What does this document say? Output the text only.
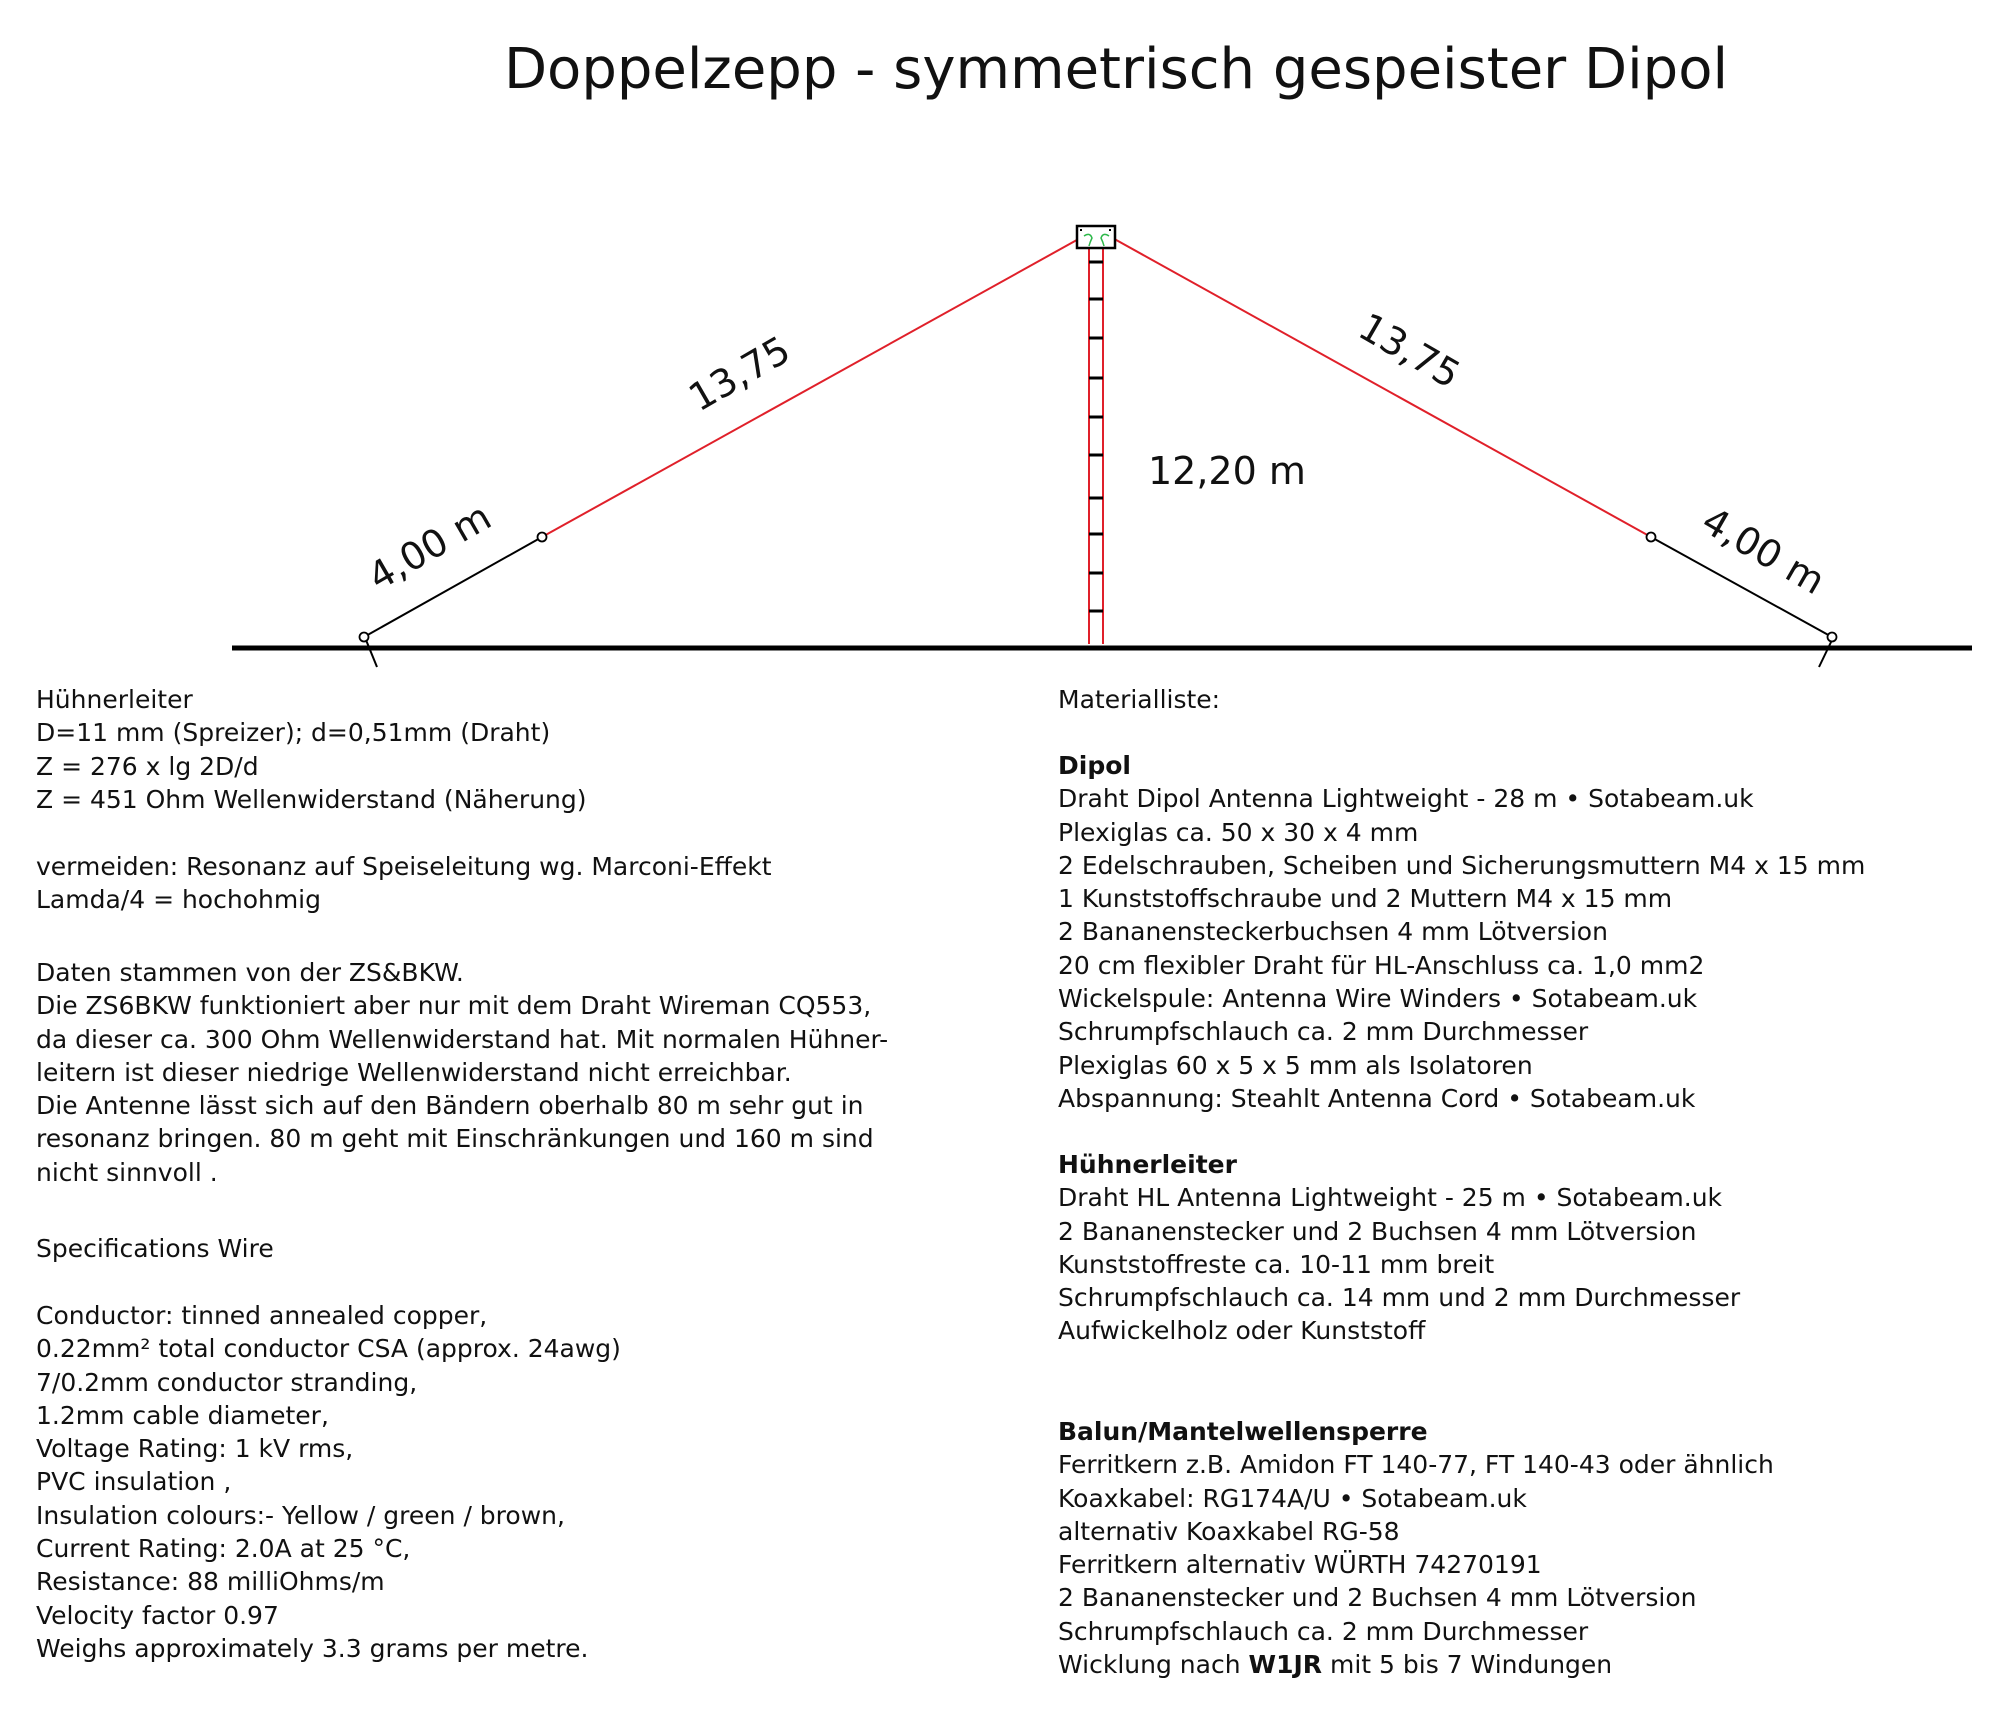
Doppelzepp - symmetrisch gespeister Dipol
13,75	13,75
4,00 m	4,00 m
12,20 m
Hühnerleiter
D=11 mm (Spreizer); d=0,51mm (Draht)
Z = 276 x lg 2D/d
Z = 451 Ohm Wellenwiderstand (Näherung)
vermeiden: Resonanz auf Speiseleitung wg. Marconi-Effekt
Lamda/4 = hochohmig
Daten stammen von der ZS&BKW.
Die ZS6BKW funktioniert aber nur mit dem Draht Wireman CQ553,
da dieser ca. 300 Ohm Wellenwiderstand hat. Mit normalen Hühner-
leitern ist dieser niedrige Wellenwiderstand nicht erreichbar.
Die Antenne lässt sich auf den Bändern oberhalb 80 m sehr gut in
resonanz bringen. 80 m geht mit Einschränkungen und 160 m sind
nicht sinnvoll .
Specifications Wire
Conductor: tinned annealed copper,
0.22mm² total conductor CSA (approx. 24awg)
7/0.2mm conductor stranding,
1.2mm cable diameter,
Voltage Rating: 1 kV rms,
PVC insulation ,
Insulation colours:- Yellow / green / brown,
Current Rating: 2.0A at 25 °C,
Resistance: 88 milliOhms/m
Velocity factor 0.97
Weighs approximately 3.3 grams per metre.
Materialliste:
Dipol
Draht Dipol Antenna Lightweight - 28 m • Sotabeam.uk
Plexiglas ca. 50 x 30 x 4 mm
2 Edelschrauben, Scheiben und Sicherungsmuttern M4 x 15 mm
1 Kunststoffschraube und 2 Muttern M4 x 15 mm
2 Bananensteckerbuchsen 4 mm Lötversion
20 cm flexibler Draht für HL-Anschluss ca. 1,0 mm2
Wickelspule: Antenna Wire Winders • Sotabeam.uk
Schrumpfschlauch ca. 2 mm Durchmesser
Plexiglas 60 x 5 x 5 mm als Isolatoren
Abspannung: Steahlt Antenna Cord • Sotabeam.uk
Hühnerleiter
Draht HL Antenna Lightweight - 25 m • Sotabeam.uk
2 Bananenstecker und 2 Buchsen 4 mm Lötversion
Kunststoffreste ca. 10-11 mm breit
Schrumpfschlauch ca. 14 mm und 2 mm Durchmesser
Aufwickelholz oder Kunststoff
Balun/Mantelwellensperre
Ferritkern z.B. Amidon FT 140-77, FT 140-43 oder ähnlich
Koaxkabel: RG174A/U • Sotabeam.uk
alternativ Koaxkabel RG-58
Ferritkern alternativ WÜRTH 74270191
2 Bananenstecker und 2 Buchsen 4 mm Lötversion
Schrumpfschlauch ca. 2 mm Durchmesser
Wicklung nach W1JR mit 5 bis 7 Windungen
